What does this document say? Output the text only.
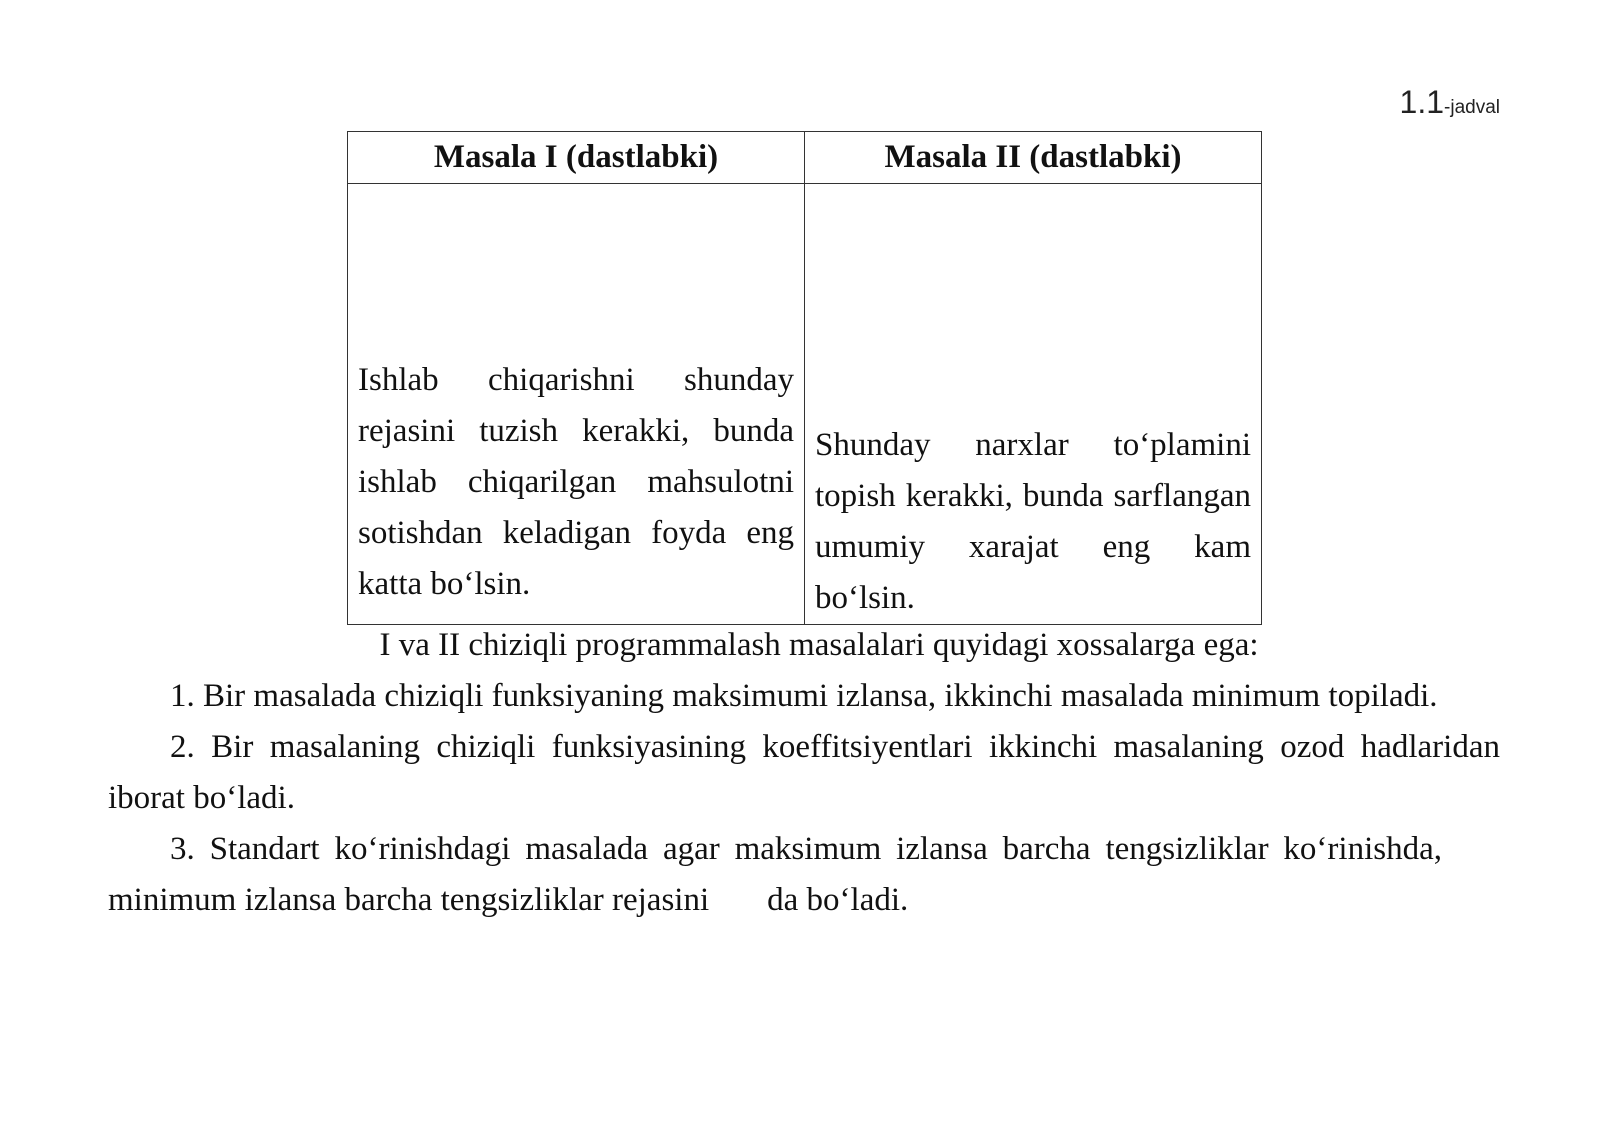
1.1-jadval
Masala I (dastlabki)	Masala II (dastlabki)

Ishlab chiqarishni shunday rejasini tuzish kerakki, bunda ishlab chiqarilgan mahsulotni sotishdan keladigan foyda eng katta bo‘lsin.	Shunday narxlar to‘plamini topish kerakki, bunda sarflangan umumiy xarajat eng kam bo‘lsin.

I va II chiziqli programmalash masalalari quyidagi xossalarga ega:

1. Bir masalada chiziqli funksiyaning maksimumi izlansa, ikkinchi masalada minimum topiladi.

2. Bir masalaning chiziqli funksiyasining koeffitsiyentlari ikkinchi masalaning ozod hadlaridan iborat bo‘ladi.

3. Standart ko‘rinishdagi masalada agar maksimum izlansa barcha tengsizliklar ko‘rinishda, minimum izlansa barcha tengsizliklar rejasini da bo‘ladi.
